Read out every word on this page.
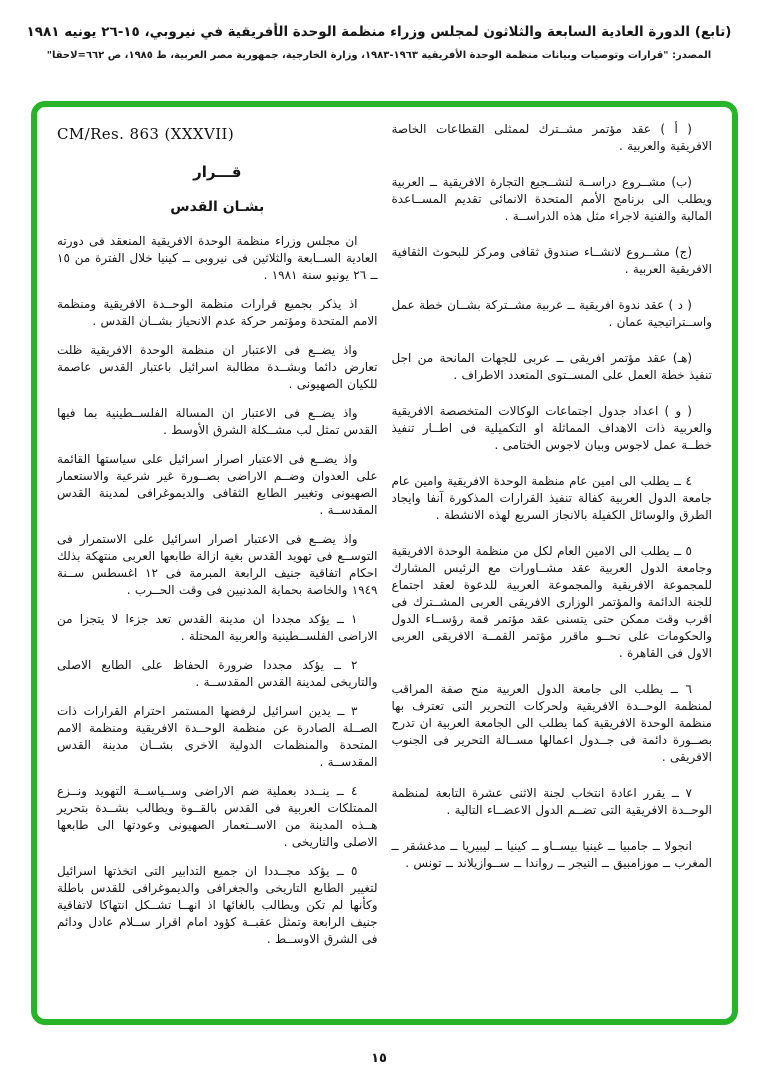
(تابع) الدورة العادية السابعة والثلاثون لمجلس وزراء منظمة الوحدة الأفريقية في نيروبي، ١٥-٢٦ يونيه ١٩٨١
المصدر: "قرارات وتوصيات وبيانات منظمة الوحدة الأفريقية ١٩٦٣-١٩٨٣، وزارة الخارجية، جمهورية مصر العربية، ط ١٩٨٥، ص ٦٦٢=لاحقا"

( أ ) عقد مؤتمر مشــترك لممثلى القطاعات الخاصة الافريقية والعربية .

(ب) مشــروع دراســة لتشــجيع التجارة الافريقية ــ العربية ويطلب الى برنامج الأمم المتحدة الانمائى تقديم المســاعدة المالية والفنية لاجراء مثل هذه الدراســة .

(ج) مشــروع لانشــاء صندوق ثقافى ومركز للبحوث الثقافية الافريقية العربية .

( د ) عقد ندوة افريقية ــ عربية مشــتركة بشــان خطة عمل واســتراتيجية عمان .

(هـ) عقد مؤتمر افريقى ــ عربى للجهات المانحة من اجل تنفيذ خطة العمل على المســتوى المتعدد الاطراف .

( و ) اعداد جدول اجتماعات الوكالات المتخصصة الافريقية والعربية ذات الاهداف المماثلة او التكميلية فى اطــار تنفيذ خطــة عمل لاجوس وبيان لاجوس الختامى .

٤ ــ يطلب الى امين عام منظمة الوحدة الافريقية وامين عام جامعة الدول العربية كفالة تنفيذ القرارات المذكورة آنفا وايجاد الطرق والوسائل الكفيلة بالانجاز السريع لهذه الانشطة .

٥ ــ يطلب الى الامين العام لكل من منظمة الوحدة الافريقية وجامعة الدول العربية عقد مشــاورات مع الرئيس المشارك للمجموعة الافريقية والمجموعة العربية للدعوة لعقد اجتماع للجنة الدائمة والمؤتمر الوزارى الافريقى العربى المشــترك فى اقرب وقت ممكن حتى يتسنى عقد مؤتمر قمة رؤســاء الدول والحكومات على نحــو ماقرر مؤتمر القمــة الافريقى العربى الاول فى القاهرة .

٦ ــ يطلب الى جامعة الدول العربية منح صفة المراقب لمنظمة الوحــدة الافريقية ولحركات التحرير التى تعترف بها منظمة الوحدة الافريقية كما يطلب الى الجامعة العربية ان تدرج بصــورة دائمة فى جــدول اعمالها مســالة التحرير فى الجنوب الافريقى .

٧ ــ يقرر اعادة انتخاب لجنة الاثنى عشرة التابعة لمنظمة الوحــدة الافريقية التى تضــم الدول الاعضــاء التالية .

انجولا ــ جامبيا ــ غينيا بيســاو ــ كينيا ــ ليبيريا ــ مدغشقر ــ المغرب ــ موزامبيق ــ النيجر ــ رواندا ــ ســوازيلاند ــ تونس .

CM/Res. 863 (XXXVII)
قـــرار
بشـان القدس

ان مجلس وزراء منظمة الوحدة الافريقية المنعقد فى دورته العادية الســابعة والثلاثين فى نيروبى ــ كينيا خلال الفترة من ١٥ ــ ٢٦ يونيو سنة ١٩٨١ .

اذ يذكر بجميع قرارات منظمة الوحــدة الافريقية ومنظمة الامم المتحدة ومؤتمر حركة عدم الانحياز بشــان القدس .

واذ يضــع فى الاعتبار ان منظمة الوحدة الافريقية ظلت تعارض دائما وبشــدة مطالبة اسرائيل باعتبار القدس عاصمة للكيان الصهيونى .

واذ يضــع فى الاعتبار ان المسالة الفلســطينية بما فيها القدس تمثل لب مشــكلة الشرق الأوسط .

واذ يضــع فى الاعتبار اصرار اسرائيل على سياستها القائمة على العدوان وضــم الاراضى بصــورة غير شرعية والاستعمار الصهيونى وتغيير الطابع الثقافى والديموغرافى لمدينة القدس المقدســة .

واذ يضــع فى الاعتبار اصرار اسرائيل على الاستمرار فى التوســع فى تهويد القدس بغية ازالة طابعها العربى منتهكة بذلك احكام اتفاقية جنيف الرابعة المبرمة فى ١٢ اغسطس ســنة ١٩٤٩ والخاصة بحماية المدنيين فى وقت الحــرب .

١ ــ يؤكد مجددا ان مدينة القدس تعد جزءا لا يتجزا من الاراضى الفلســطينية والعربية المحتلة .

٢ ــ يؤكد مجددا ضرورة الحفاظ على الطابع الاصلى والتاريخى لمدينة القدس المقدســة .

٣ ــ يدين اسرائيل لرفضها المستمر احترام القرارات ذات الصــلة الصادرة عن منظمة الوحــدة الافريقية ومنظمة الامم المتحدة والمنظمات الدولية الاخرى بشــان مدينة القدس المقدســة .

٤ ــ ينــدد بعملية ضم الاراضى وســياســة التهويد ونــزع الممتلكات العربية فى القدس بالقــوة ويطالب بشــدة بتحرير هــذه المدينة من الاســتعمار الصهيونى وعودتها الى طابعها الاصلى والتاريخى .

٥ ــ يؤكد مجــددا ان جميع التدابير التى اتخذتها اسرائيل لتغيير الطابع التاريخى والجغرافى والديموغرافى للقدس باطلة وكأنها لم تكن ويطالب بالغائها اذ انهــا تشــكل انتهاكا لاتفاقية جنيف الرابعة وتمثل عقبــة كؤود امام اقرار ســلام عادل ودائم فى الشرق الاوســط .

١٥
